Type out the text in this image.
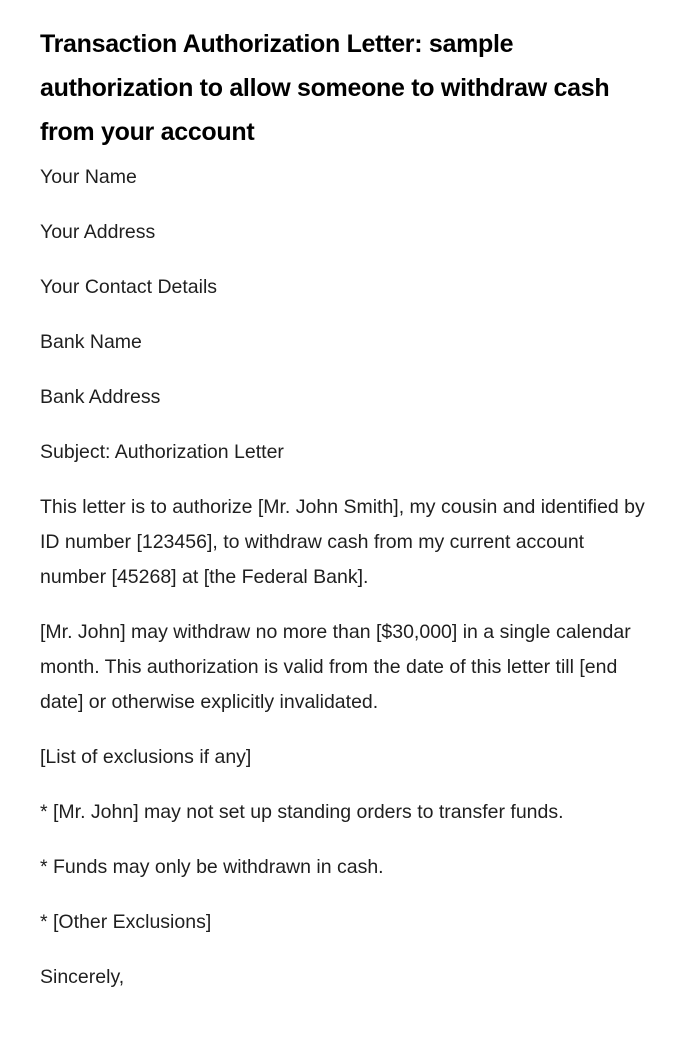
Transaction Authorization Letter: sample authorization to allow someone to withdraw cash from your account

Your Name

Your Address

Your Contact Details

Bank Name

Bank Address

Subject: Authorization Letter

This letter is to authorize [Mr. John Smith], my cousin and identified by ID number [123456], to withdraw cash from my current account number [45268] at [the Federal Bank].

[Mr. John] may withdraw no more than [$30,000] in a single calendar month. This authorization is valid from the date of this letter till [end date] or otherwise explicitly invalidated.

[List of exclusions if any]

* [Mr. John] may not set up standing orders to transfer funds.

* Funds may only be withdrawn in cash.

* [Other Exclusions]

Sincerely,
